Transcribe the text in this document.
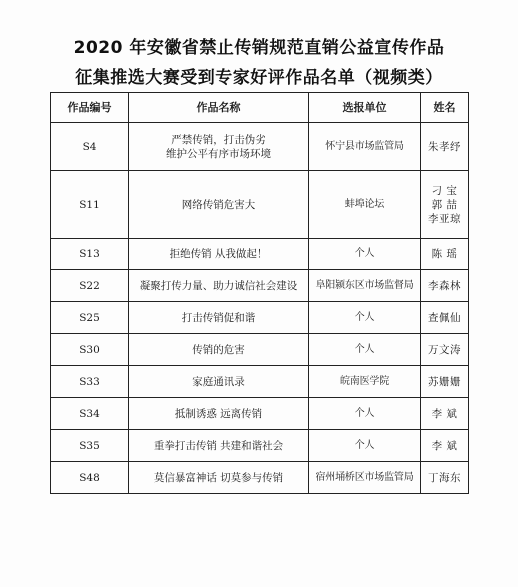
2020 年安徽省禁止传销规范直销公益宣传作品
征集推选大赛受到专家好评作品名单（视频类）
作品编号	作品名称	选报单位	姓名
S4	严禁传销，打击伪劣
维护公平有序市场环境	怀宁县市场监管局	朱孝纾
S11	网络传销危害大	蚌埠论坛	刁 宝
郭 喆
李亚琼
S13	拒绝传销 从我做起！	个人	陈 瑶
S22	凝聚打传力量、助力诚信社会建设	阜阳颍东区市场监督局	李森林
S25	打击传销促和谐	个人	查佩仙
S30	传销的危害	个人	万文涛
S33	家庭通讯录	皖南医学院	苏姗姗
S34	抵制诱惑 远离传销	个人	李 斌
S35	重拳打击传销 共建和谐社会	个人	李 斌
S48	莫信暴富神话 切莫参与传销	宿州埇桥区市场监管局	丁海东
